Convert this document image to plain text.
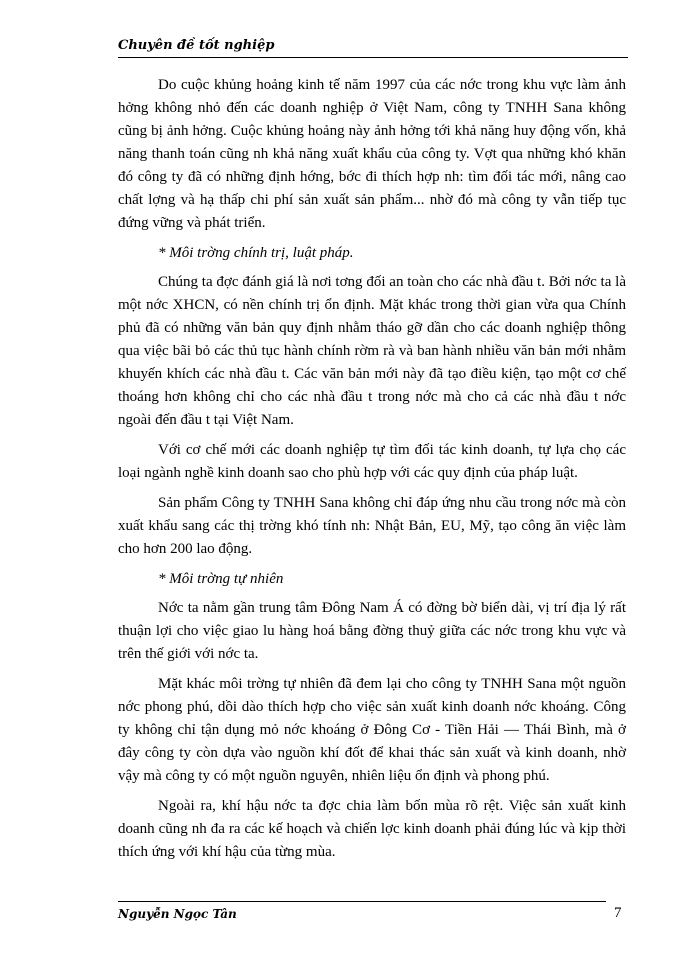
Chuyên đề tốt nghiệp

Do cuộc khủng hoảng kinh tế năm 1997 của các nớc trong khu vực làm ảnh hởng không nhỏ đến các doanh nghiệp ở Việt Nam, công ty TNHH Sana không cũng bị ảnh hởng. Cuộc khủng hoảng này ảnh hởng tới khả năng huy động vốn, khả năng thanh toán cũng nh khả năng xuất khẩu của công ty. Vợt qua những khó khăn đó công ty đã có những định hớng, bớc đi thích hợp nh: tìm đối tác mới, nâng cao chất lợng và hạ thấp chi phí sản xuất sản phẩm... nhờ đó mà công ty vẫn tiếp tục đứng vững và phát triển.

* Môi trờng chính trị, luật pháp.

Chúng ta đợc đánh giá là nơi tơng đối an toàn cho các nhà đầu t. Bởi nớc ta là một nớc XHCN, có nền chính trị ổn định. Mặt khác trong thời gian vừa qua Chính phủ đã có những văn bản quy định nhằm tháo gỡ dần cho các doanh nghiệp thông qua việc bãi bỏ các thủ tục hành chính rờm rà và ban hành nhiều văn bản mới nhằm khuyến khích các nhà đầu t. Các văn bản mới này đã tạo điều kiện, tạo một cơ chế thoáng hơn không chỉ cho các nhà đầu t trong nớc mà cho cả các nhà đầu t nớc ngoài đến đầu t tại Việt Nam.

Với cơ chế mới các doanh nghiệp tự tìm đối tác kinh doanh, tự lựa chọ các loại ngành nghề kinh doanh sao cho phù hợp với các quy định của pháp luật.

Sản phẩm Công ty TNHH Sana không chỉ đáp ứng nhu cầu trong nớc mà còn xuất khẩu sang các thị trờng khó tính nh: Nhật Bản, EU, Mỹ, tạo công ăn việc làm cho hơn 200 lao động.

* Môi trờng tự nhiên

Nớc ta nằm gần trung tâm Đông Nam Á có đờng bờ biển dài, vị trí địa lý rất thuận lợi cho việc giao lu hàng hoá bằng đờng thuỷ giữa các nớc trong khu vực và trên thế giới với nớc ta.

Mặt khác môi trờng tự nhiên đã đem lại cho công ty TNHH Sana một nguồn nớc phong phú, dồi dào thích hợp cho việc sản xuất kinh doanh nớc khoáng. Công ty không chỉ tận dụng mỏ nớc khoáng ở Đông Cơ - Tiền Hải — Thái Bình, mà ở đây công ty còn dựa vào nguồn khí đốt để khai thác sản xuất và kinh doanh, nhờ vậy mà công ty có một nguồn nguyên, nhiên liệu ổn định và phong phú.

Ngoài ra, khí hậu nớc ta đợc chia làm bốn mùa rõ rệt. Việc sản xuất kinh doanh cũng nh đa ra các kế hoạch và chiến lợc kinh doanh phải đúng lúc và kịp thời thích ứng với khí hậu của từng mùa.

Nguyễn Ngọc Tân	7
